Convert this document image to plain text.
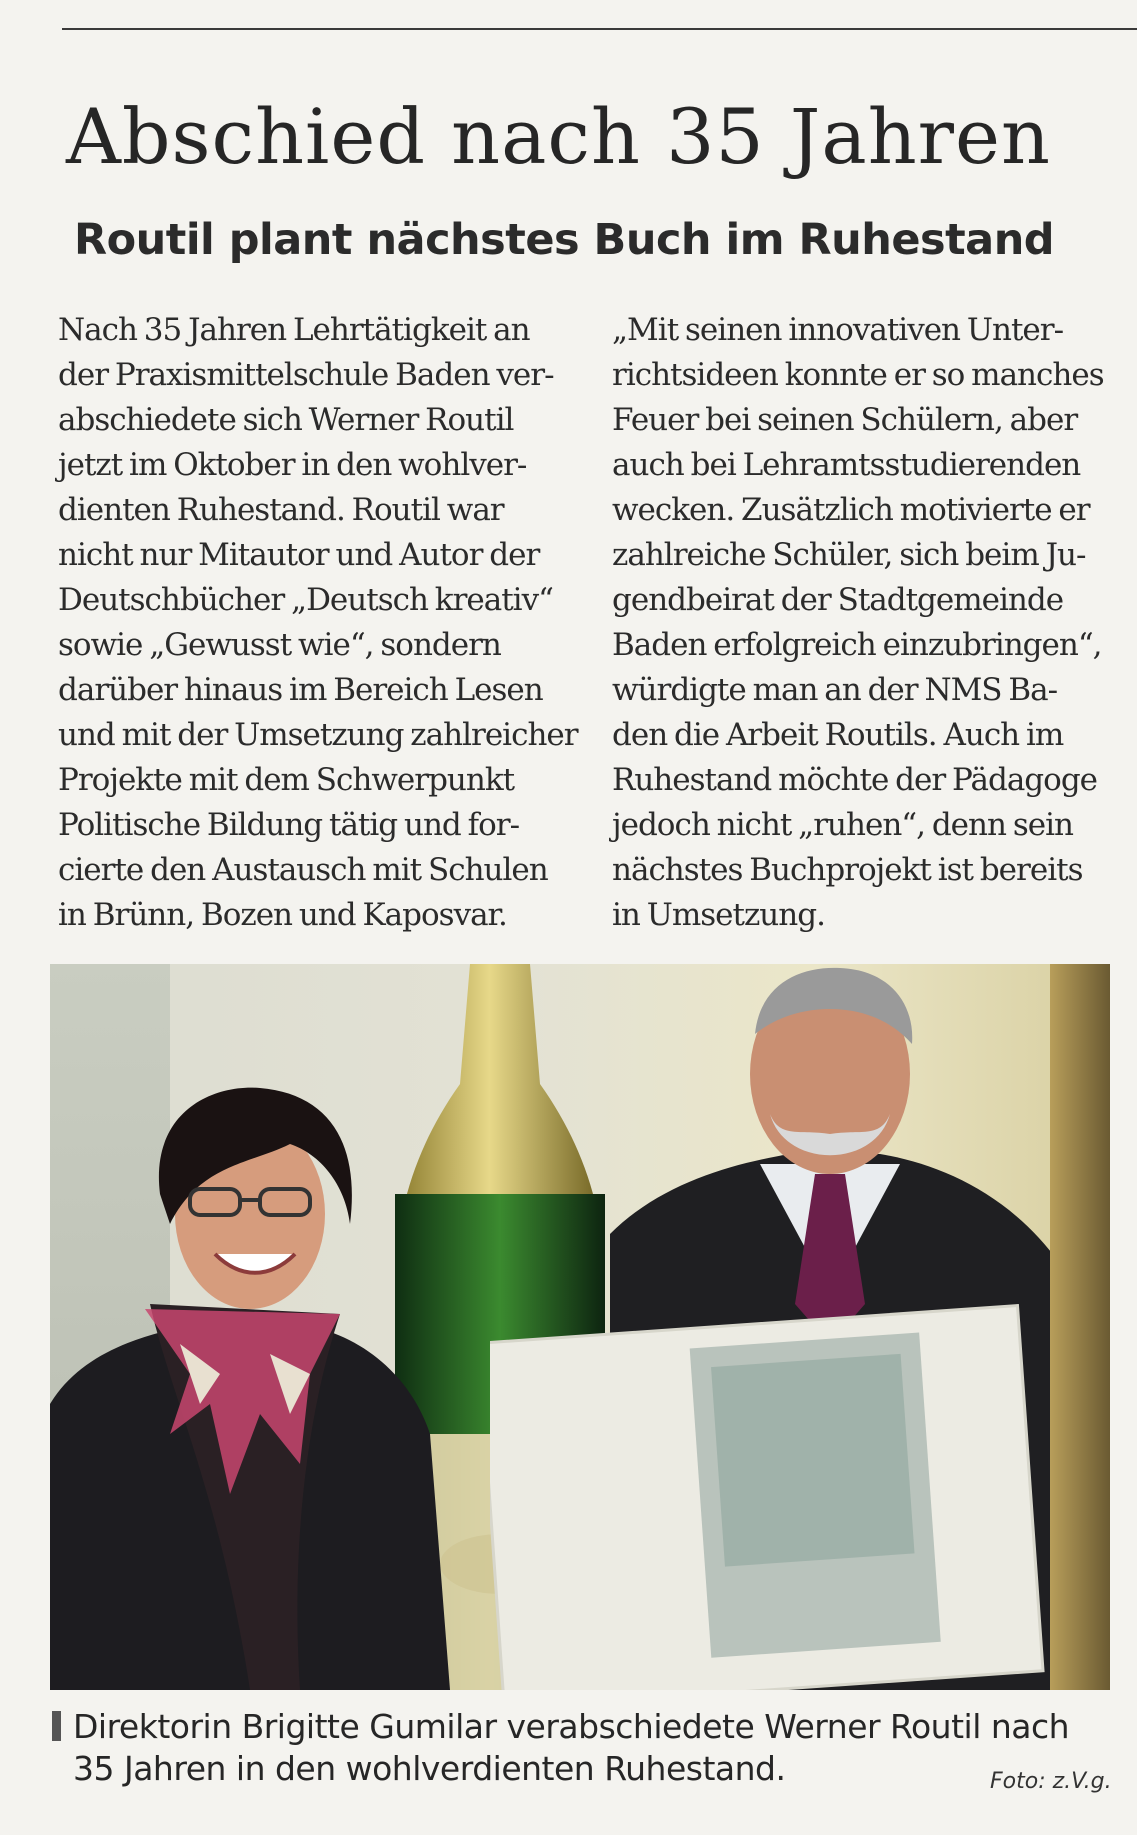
Abschied nach 35 Jahren
Routil plant nächstes Buch im Ruhestand
Nach 35 Jahren Lehrtätigkeit an
der Praxismittelschule Baden ver-
abschiedete sich Werner Routil
jetzt im Oktober in den wohlver-
dienten Ruhestand. Routil war
nicht nur Mitautor und Autor der
Deutschbücher „Deutsch kreativ“
sowie „Gewusst wie“, sondern
darüber hinaus im Bereich Lesen
und mit der Umsetzung zahlreicher
Projekte mit dem Schwerpunkt
Politische Bildung tätig und for-
cierte den Austausch mit Schulen
in Brünn, Bozen und Kaposvar.
„Mit seinen innovativen Unter-
richtsideen konnte er so manches
Feuer bei seinen Schülern, aber
auch bei Lehramtsstudierenden
wecken. Zusätzlich motivierte er
zahlreiche Schüler, sich beim Ju-
gendbeirat der Stadtgemeinde
Baden erfolgreich einzubringen“,
würdigte man an der NMS Ba-
den die Arbeit Routils. Auch im
Ruhestand möchte der Pädagoge
jedoch nicht „ruhen“, denn sein
nächstes Buchprojekt ist bereits
in Umsetzung.
Direktorin Brigitte Gumilar verabschiedete Werner Routil nach
35 Jahren in den wohlverdienten Ruhestand.	Foto: z.V.g.
